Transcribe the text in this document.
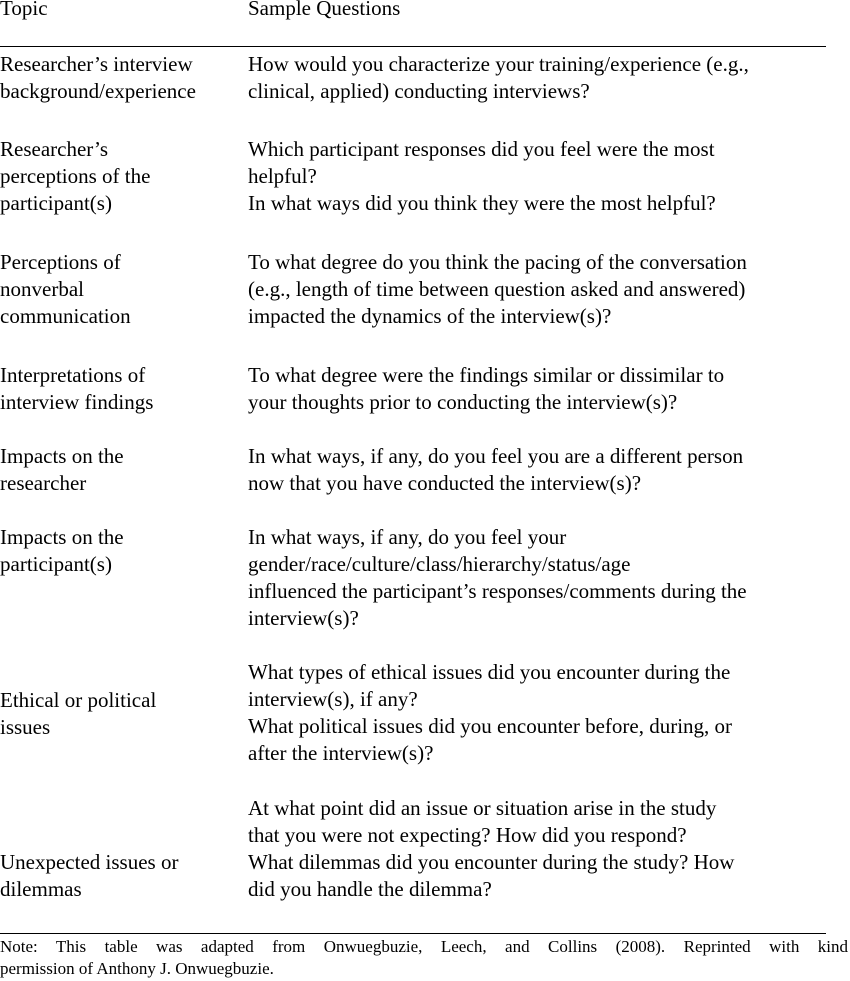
Topic	Sample Questions
Researcher’s interview
background/experience
How would you characterize your training/experience (e.g.,
clinical, applied) conducting interviews?
Researcher’s
perceptions of the
participant(s)
Which participant responses did you feel were the most
helpful?
In what ways did you think they were the most helpful?
Perceptions of
nonverbal
communication
To what degree do you think the pacing of the conversation
(e.g., length of time between question asked and answered)
impacted the dynamics of the interview(s)?
Interpretations of
interview findings
To what degree were the findings similar or dissimilar to
your thoughts prior to conducting the interview(s)?
Impacts on the
researcher
In what ways, if any, do you feel you are a different person
now that you have conducted the interview(s)?
Impacts on the
participant(s)
In what ways, if any, do you feel your
gender/race/culture/class/hierarchy/status/age
influenced the participant’s responses/comments during the
interview(s)?
Ethical or political
issues
What types of ethical issues did you encounter during the
interview(s), if any?
What political issues did you encounter before, during, or
after the interview(s)?
Unexpected issues or
dilemmas
At what point did an issue or situation arise in the study
that you were not expecting? How did you respond?
What dilemmas did you encounter during the study? How
did you handle the dilemma?
Note: This table was adapted from Onwuegbuzie, Leech, and Collins (2008). Reprinted with kind
permission of Anthony J. Onwuegbuzie.
